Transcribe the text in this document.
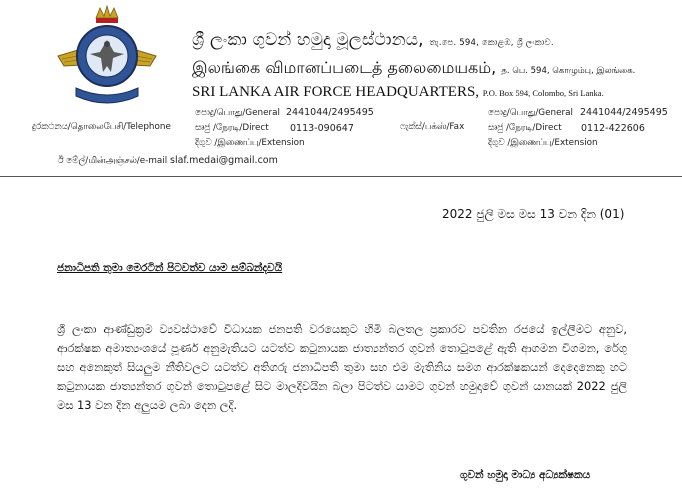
ශ්‍රී ලංකා ගුවන් හමුදා මූලස්ථානය, තැ.පෙ. 594, කොළඹ, ශ්‍රී ලංකාව.
இலங்கை விமானப்படைத் தலைமையகம், த. பெ. 594, கொழும்பு, இலங்கை.
SRI LANKA AIR FORCE HEADQUARTERS, P.O. Box 594, Colombo, Sri Lanka.
දුරකථනය/தொலைபேசி/Telephone
පොදු/பொது/General 2441044/2495495
සෘජු /நேரடி/Direct 0113-090647
දිගුව /இணைப்பு/Extension
ෆැක්ස්/பக்ஸ்/Fax
පොදු/பொது/General 2441044/2495495
සෘජු /நேரடி/Direct 0112-422606
දිගුව /இணைப்பு/Extension
ඊ මේල්/மின்அஞ்சல்/e-mail slaf.medai@gmail.com
2022 ජුලි මස මස 13 වන දින (01)
ජනාධිපති තුමා මෙරටින් පිටවත්ව යාම සම්බන්දවයි
ශ්‍රී ලංකා ආණ්ඩුක්‍රම ව්‍යවස්ථාවේ විධායක ජනපති වරයෙකුට හිමි බලතල ප්‍රකාරව පවතින රජයේ ඉල්ලීමට අනුව, ආරක්ෂක අමාත්‍යංශයේ පූර්ණ අනුමැතියට යටත්ව කටුනායක ජාත්‍යන්තර ගුවන් තොටුපළේ ඇති ආගමන විගමන, රේගු සහ අනෙකුත් සියලුම නීතිවලට යටත්ව අතිගරු ජනාධිපති තුමා සහ එම මැතිනිය සමග ආරක්ෂකයන් දෙදෙනෙකු හට කටුනායක ජාත්‍යන්තර ගුවන් තොටුපළේ සිට මාලදිවයින බලා පිටත්ව යාමට ගුවන් හමුදාවේ ගුවන් යානයක් 2022 ජුලි මස 13 වන දින අලුයම ලබා දෙන ලදි.
ගුවන් හමුදා මාධ්‍ය අධ්‍යක්ෂකය
